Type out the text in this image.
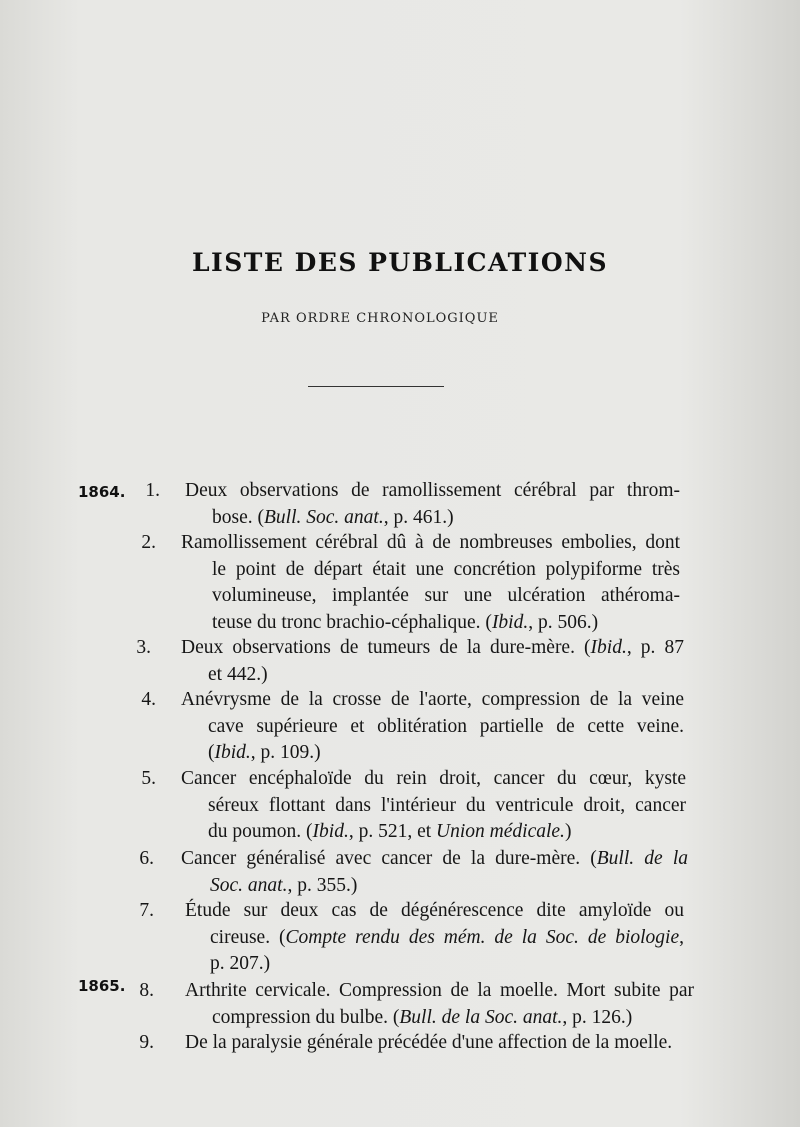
LISTE DES PUBLICATIONS
PAR ORDRE CHRONOLOGIQUE
1864.
1865.
1. Deux observations de ramollissement cérébral par throm-
bose. (Bull. Soc. anat., p. 461.)
2. Ramollissement cérébral dû à de nombreuses embolies, dont
le point de départ était une concrétion polypiforme très
volumineuse, implantée sur une ulcération athéroma-
teuse du tronc brachio-céphalique. (Ibid., p. 506.)
3. Deux observations de tumeurs de la dure-mère. (Ibid., p. 87
et 442.)
4. Anévrysme de la crosse de l'aorte, compression de la veine
cave supérieure et oblitération partielle de cette veine.
(Ibid., p. 109.)
5. Cancer encéphaloïde du rein droit, cancer du cœur, kyste
séreux flottant dans l'intérieur du ventricule droit, cancer
du poumon. (Ibid., p. 521, et Union médicale.)
6. Cancer généralisé avec cancer de la dure-mère. (Bull. de la
Soc. anat., p. 355.)
7. Étude sur deux cas de dégénérescence dite amyloïde ou
cireuse. (Compte rendu des mém. de la Soc. de biologie,
p. 207.)
8. Arthrite cervicale. Compression de la moelle. Mort subite par
compression du bulbe. (Bull. de la Soc. anat., p. 126.)
9. De la paralysie générale précédée d'une affection de la moelle.
